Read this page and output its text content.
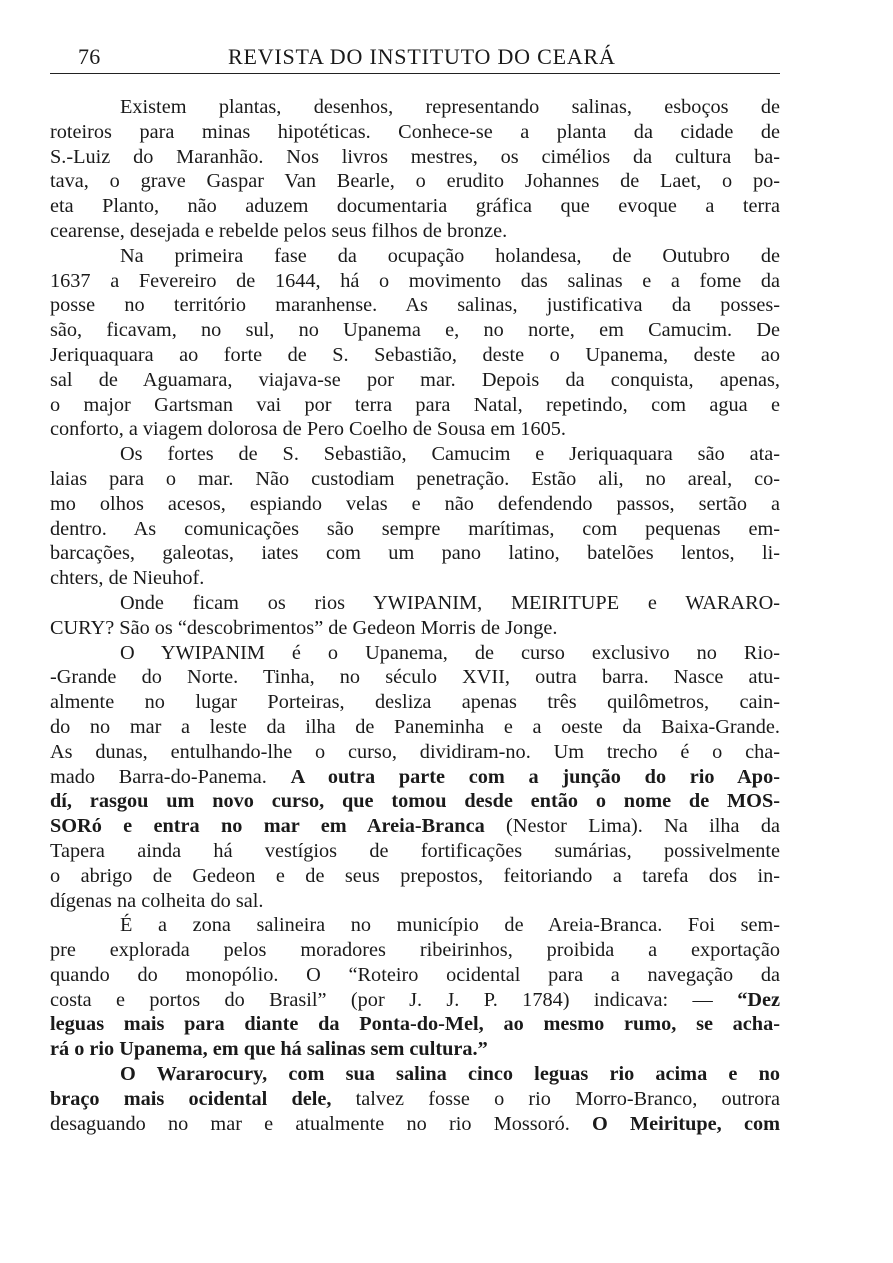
76	REVISTA DO INSTITUTO DO CEARÁ
Existem plantas, desenhos, representando salinas, esboços de
roteiros para minas hipotéticas. Conhece-se a planta da cidade de
S.-Luiz do Maranhão. Nos livros mestres, os cimélios da cultura ba-
tava, o grave Gaspar Van Bearle, o erudito Johannes de Laet, o po-
eta Planto, não aduzem documentaria gráfica que evoque a terra
cearense, desejada e rebelde pelos seus filhos de bronze.
Na primeira fase da ocupação holandesa, de Outubro de
1637 a Fevereiro de 1644, há o movimento das salinas e a fome da
posse no território maranhense. As salinas, justificativa da posses-
são, ficavam, no sul, no Upanema e, no norte, em Camucim. De
Jeriquaquara ao forte de S. Sebastião, deste o Upanema, deste ao
sal de Aguamara, viajava-se por mar. Depois da conquista, apenas,
o major Gartsman vai por terra para Natal, repetindo, com agua e
conforto, a viagem dolorosa de Pero Coelho de Sousa em 1605.
Os fortes de S. Sebastião, Camucim e Jeriquaquara são ata-
laias para o mar. Não custodiam penetração. Estão ali, no areal, co-
mo olhos acesos, espiando velas e não defendendo passos, sertão a
dentro. As comunicações são sempre marítimas, com pequenas em-
barcações, galeotas, iates com um pano latino, batelões lentos, li-
chters, de Nieuhof.
Onde ficam os rios YWIPANIM, MEIRITUPE e WARARO-
CURY? São os “descobrimentos” de Gedeon Morris de Jonge.
O YWIPANIM é o Upanema, de curso exclusivo no Rio-
-Grande do Norte. Tinha, no século XVII, outra barra. Nasce atu-
almente no lugar Porteiras, desliza apenas três quilômetros, cain-
do no mar a leste da ilha de Paneminha e a oeste da Baixa-Grande.
As dunas, entulhando-lhe o curso, dividiram-no. Um trecho é o cha-
mado Barra-do-Panema. A outra parte com a junção do rio Apo-
dí, rasgou um novo curso, que tomou desde então o nome de MOS-
SORó e entra no mar em Areia-Branca (Nestor Lima). Na ilha da
Tapera ainda há vestígios de fortificações sumárias, possivelmente
o abrigo de Gedeon e de seus prepostos, feitoriando a tarefa dos in-
dígenas na colheita do sal.
É a zona salineira no município de Areia-Branca. Foi sem-
pre explorada pelos moradores ribeirinhos, proibida a exportação
quando do monopólio. O “Roteiro ocidental para a navegação da
costa e portos do Brasil” (por J. J. P. 1784) indicava: — “Dez
leguas mais para diante da Ponta-do-Mel, ao mesmo rumo, se acha-
rá o rio Upanema, em que há salinas sem cultura.”
O Wararocury, com sua salina cinco leguas rio acima e no
braço mais ocidental dele, talvez fosse o rio Morro-Branco, outrora
desaguando no mar e atualmente no rio Mossoró. O Meiritupe, com
